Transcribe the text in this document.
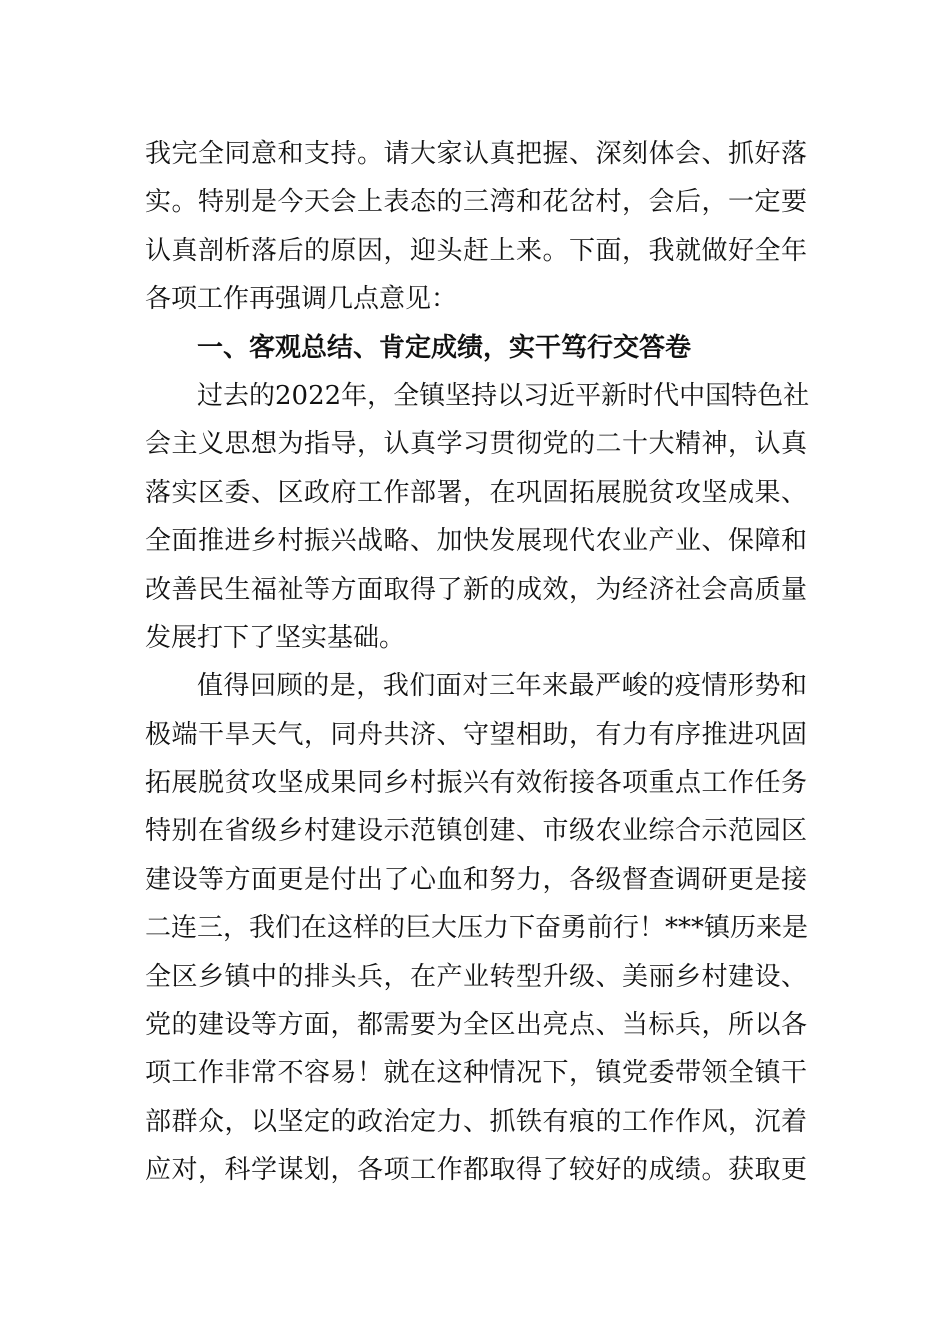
我完全同意和支持。请大家认真把握、深刻体会、抓好落
实。特别是今天会上表态的三湾和花岔村，会后，一定要
认真剖析落后的原因，迎头赶上来。下面，我就做好全年
各项工作再强调几点意见：
一、客观总结、肯定成绩，实干笃行交答卷
过去的2022年，全镇坚持以习近平新时代中国特色社
会主义思想为指导，认真学习贯彻党的二十大精神，认真
落实区委、区政府工作部署，在巩固拓展脱贫攻坚成果、
全面推进乡村振兴战略、加快发展现代农业产业、保障和
改善民生福祉等方面取得了新的成效，为经济社会高质量
发展打下了坚实基础。
值得回顾的是，我们面对三年来最严峻的疫情形势和
极端干旱天气，同舟共济、守望相助，有力有序推进巩固
拓展脱贫攻坚成果同乡村振兴有效衔接各项重点工作任务
特别在省级乡村建设示范镇创建、市级农业综合示范园区
建设等方面更是付出了心血和努力，各级督查调研更是接
二连三，我们在这样的巨大压力下奋勇前行！***镇历来是
全区乡镇中的排头兵，在产业转型升级、美丽乡村建设、
党的建设等方面，都需要为全区出亮点、当标兵，所以各
项工作非常不容易！就在这种情况下，镇党委带领全镇干
部群众，以坚定的政治定力、抓铁有痕的工作作风，沉着
应对，科学谋划，各项工作都取得了较好的成绩。获取更
